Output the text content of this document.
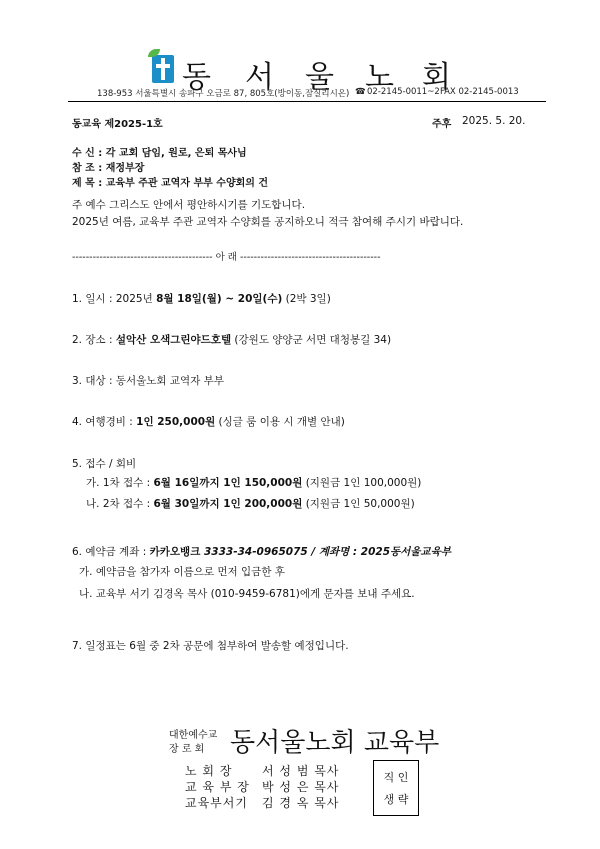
동 서 울 노 회
138-953 서울특별시 송파구 오금로 87, 805호(방이동,잠실리시온) ☎ 02-2145-0011~2 FAX 02-2145-0013
동교육 제2025-1호	주후 2025. 5. 20.
수 신 : 각 교회 담임, 원로, 은퇴 목사님
참 조 : 재정부장
제 목 : 교육부 주관 교역자 부부 수양회의 건
주 예수 그리스도 안에서 평안하시기를 기도합니다.
2025년 여름, 교육부 주관 교역자 수양회를 공지하오니 적극 참여해 주시기 바랍니다.
----------------------------------------- 아 래 -----------------------------------------
1. 일시 : 2025년 8월 18일(월) ~ 20일(수) (2박 3일)
2. 장소 : 설악산 오색그린야드호텔 (강원도 양양군 서면 대청봉길 34)
3. 대상 : 동서울노회 교역자 부부
4. 여행경비 : 1인 250,000원 (싱글 룸 이용 시 개별 안내)
5. 접수 / 회비
가. 1차 접수 : 6월 16일까지 1인 150,000원 (지원금 1인 100,000원)
나. 2차 접수 : 6월 30일까지 1인 200,000원 (지원금 1인 50,000원)
6. 예약금 계좌 : 카카오뱅크 3333-34-0965075 / 계좌명 : 2025동서울교육부
가. 예약금을 참가자 이름으로 먼저 입금한 후
나. 교육부 서기 김경옥 목사 (010-9459-6781)에게 문자를 보내 주세요.
7. 일정표는 6월 중 2차 공문에 첨부하여 발송할 예정입니다.
대한예수교
장 로 회 동서울노회 교육부
노 회 장 서 성 범 목사
교 육 부 장 박 성 은 목사
교육부서기 김 경 옥 목사
직 인
생 략
